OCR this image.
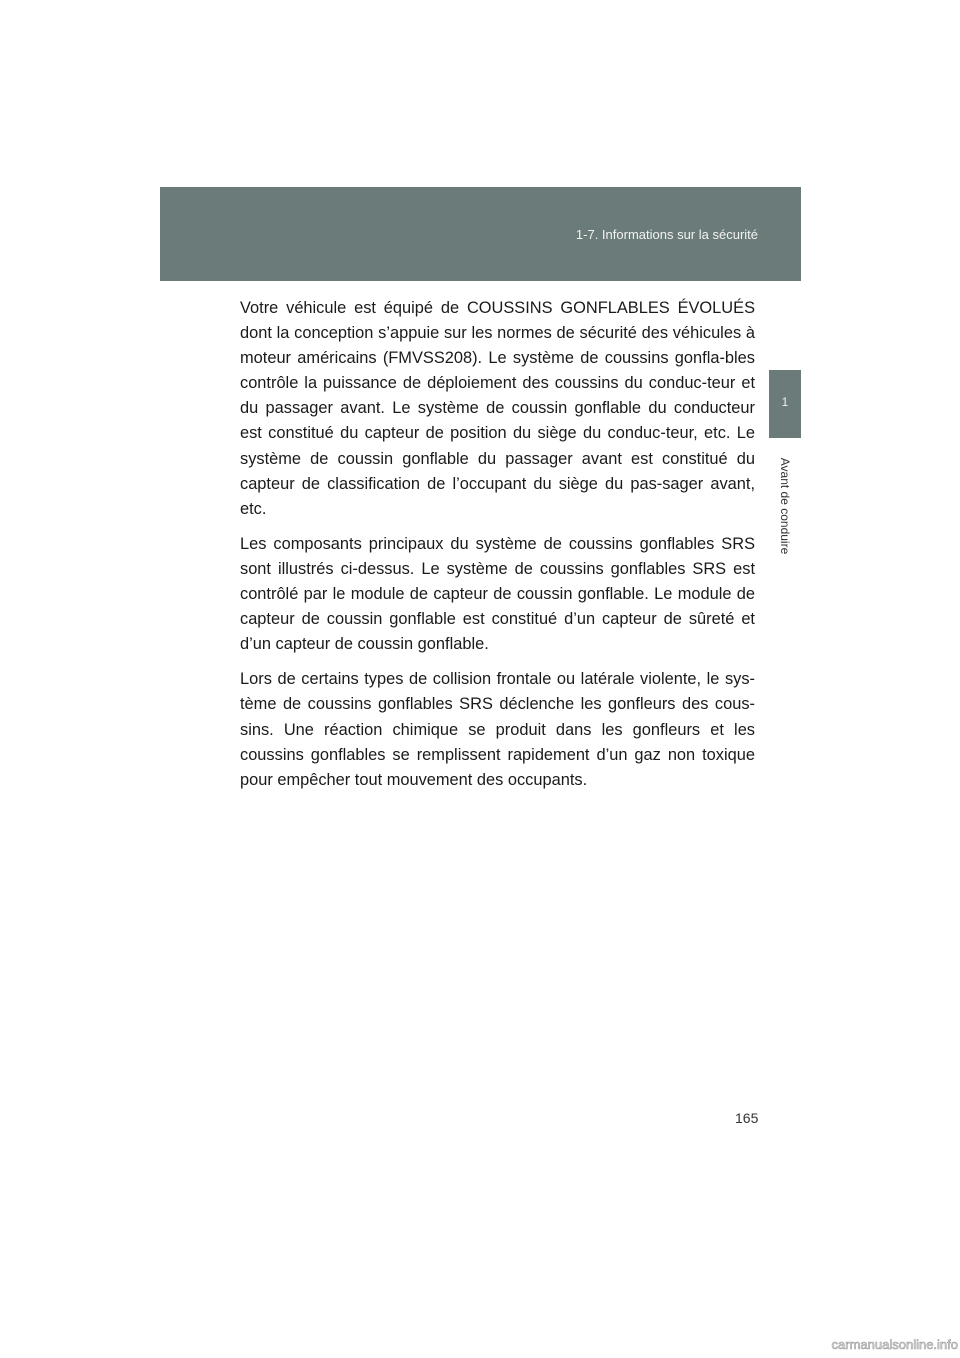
1-7. Informations sur la sécurité
1
Avant de conduire

Votre véhicule est équipé de COUSSINS GONFLABLES ÉVOLUÉS dont la conception s’appuie sur les normes de sécurité des véhicules à moteur américains (FMVSS208). Le système de coussins gonfla-bles contrôle la puissance de déploiement des coussins du conduc-teur et du passager avant. Le système de coussin gonflable du conducteur est constitué du capteur de position du siège du conduc-teur, etc. Le système de coussin gonflable du passager avant est constitué du capteur de classification de l’occupant du siège du pas-sager avant, etc.

Les composants principaux du système de coussins gonflables SRS sont illustrés ci-dessus. Le système de coussins gonflables SRS est contrôlé par le module de capteur de coussin gonflable. Le module de capteur de coussin gonflable est constitué d’un capteur de sûreté et d’un capteur de coussin gonflable.

Lors de certains types de collision frontale ou latérale violente, le sys-tème de coussins gonflables SRS déclenche les gonfleurs des cous-sins. Une réaction chimique se produit dans les gonfleurs et les coussins gonflables se remplissent rapidement d’un gaz non toxique pour empêcher tout mouvement des occupants.

165
carmanualsonline.info
